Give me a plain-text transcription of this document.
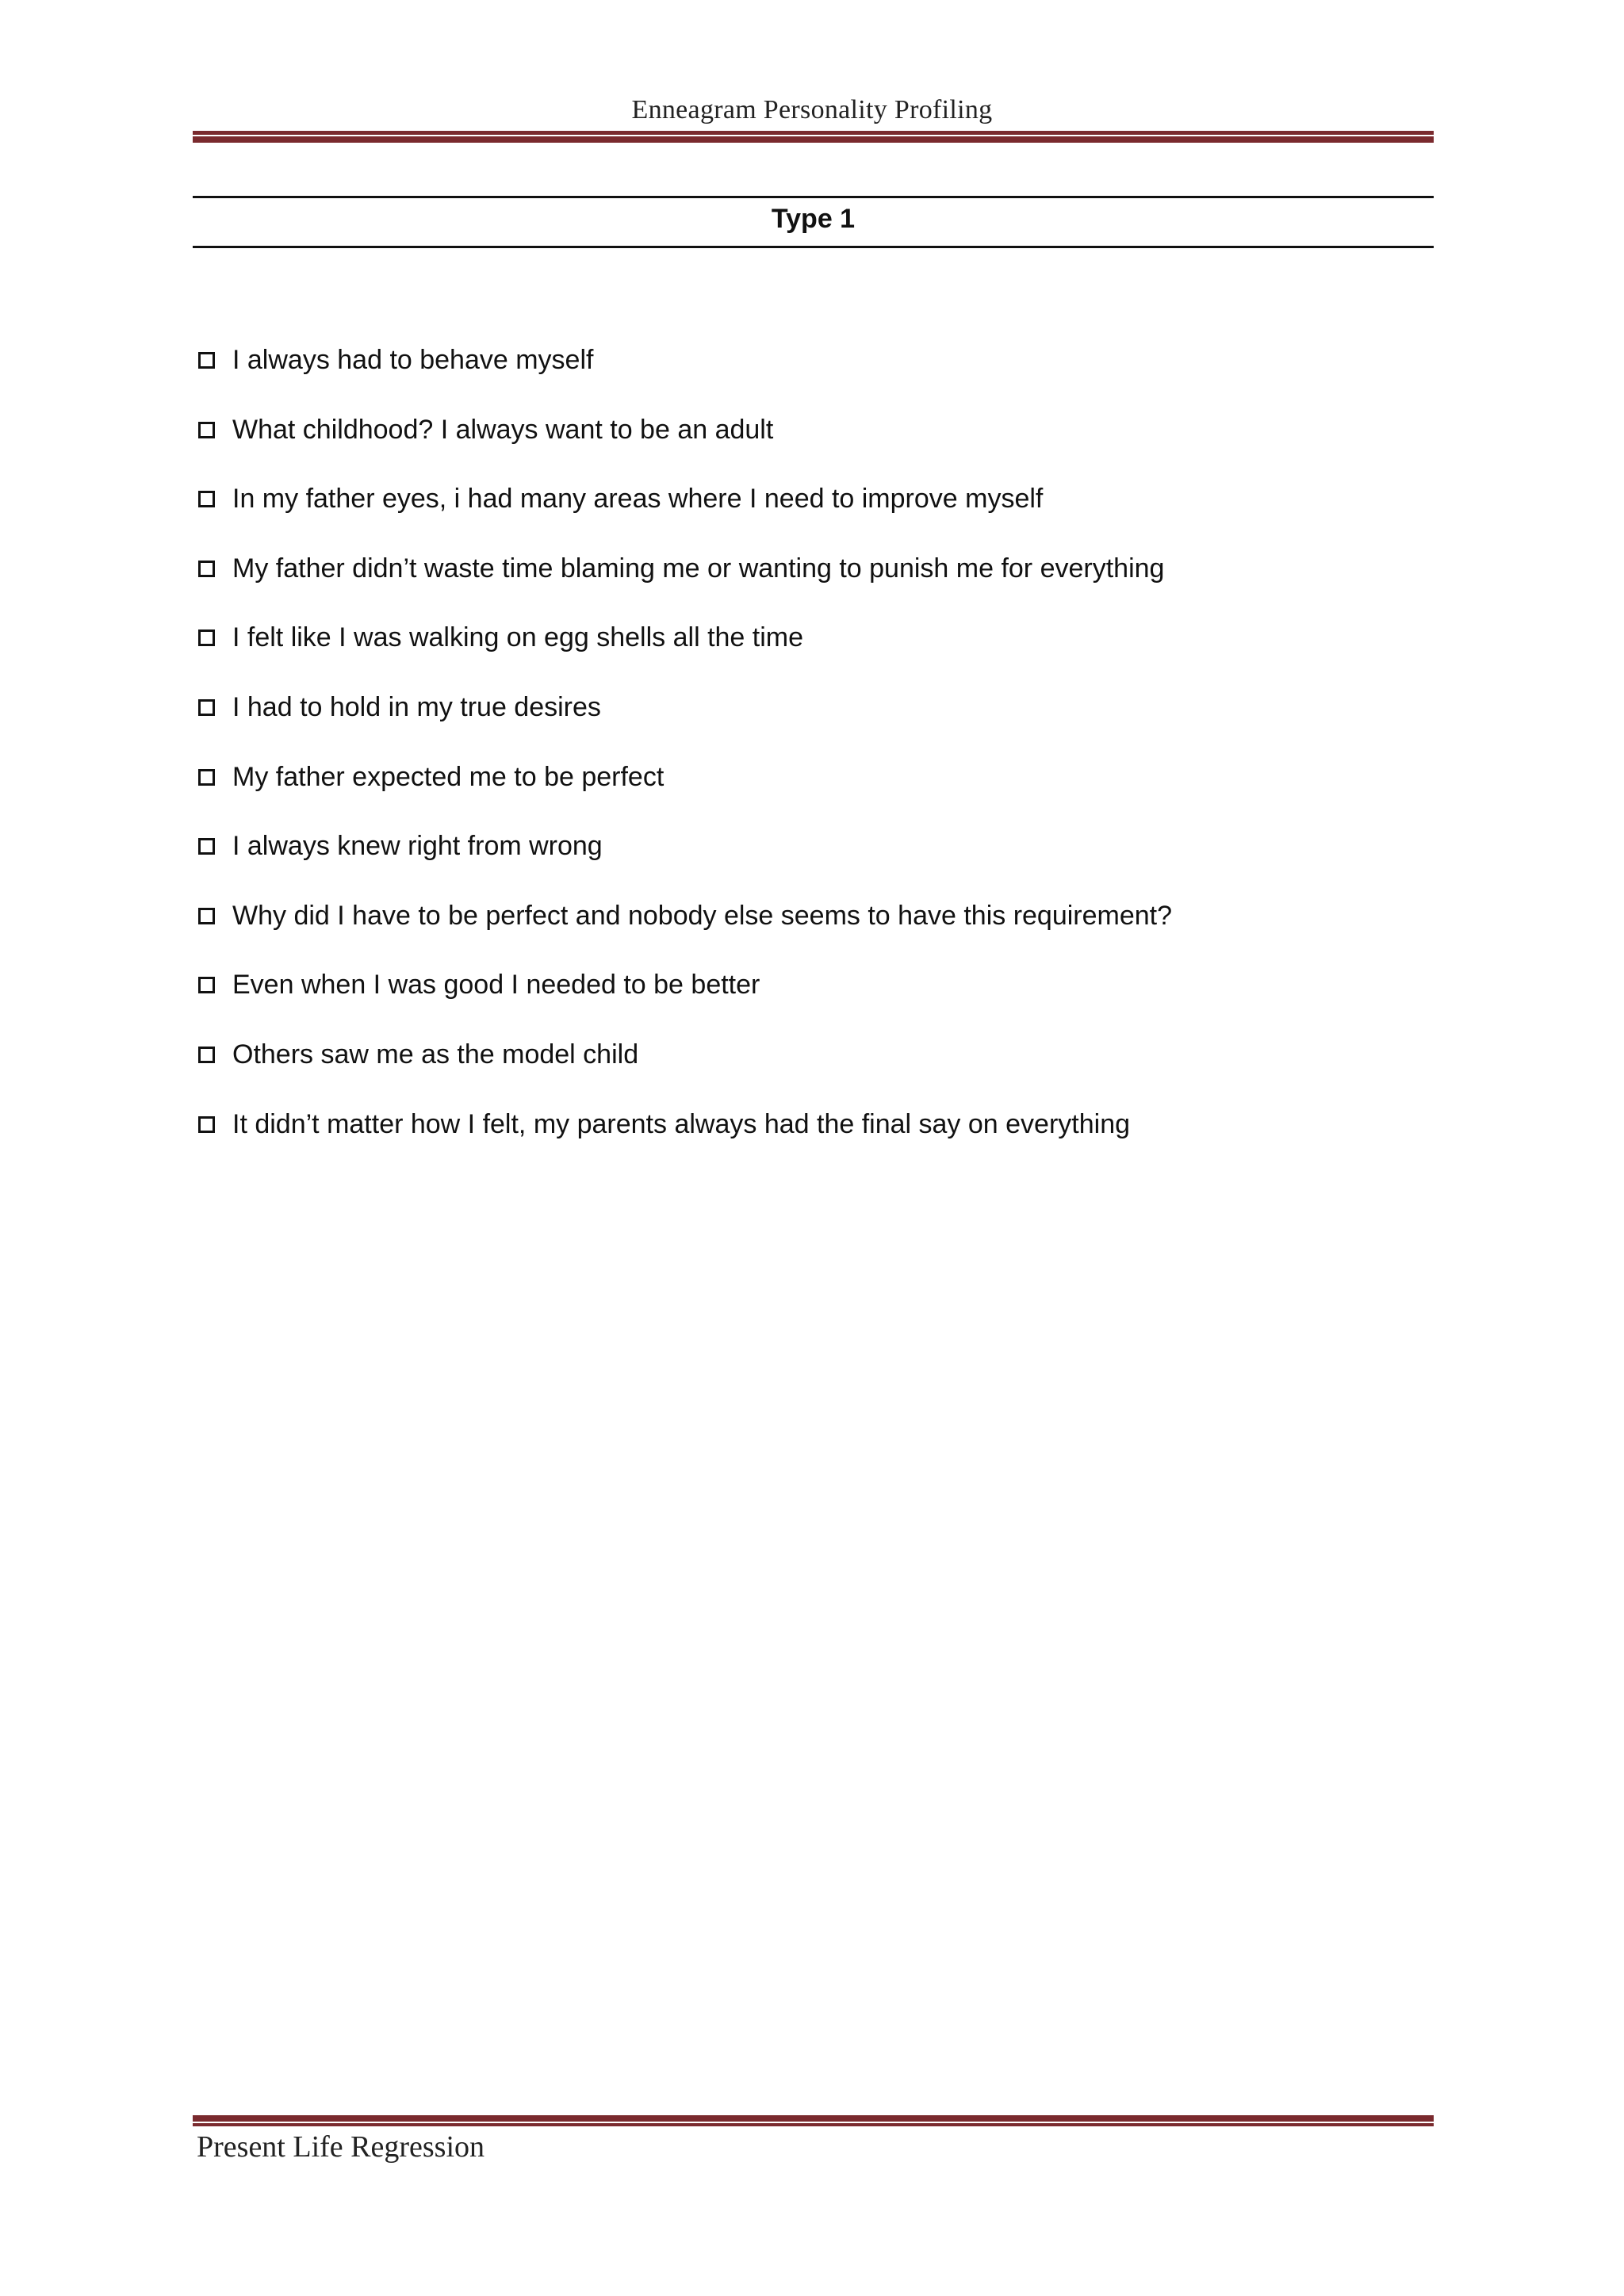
Enneagram Personality Profiling
Type 1
I always had to behave myself
What childhood? I always want to be an adult
In my father eyes, i had many areas where I need to improve myself
My father didn’t waste time blaming me or wanting to punish me for everything
I felt like I was walking on egg shells all the time
I had to hold in my true desires
My father expected me to be perfect
I always knew right from wrong
Why did I have to be perfect and nobody else seems to have this requirement?
Even when I was good I needed to be better
Others saw me as the model child
It didn’t matter how I felt, my parents always had the final say on everything
Present Life Regression
